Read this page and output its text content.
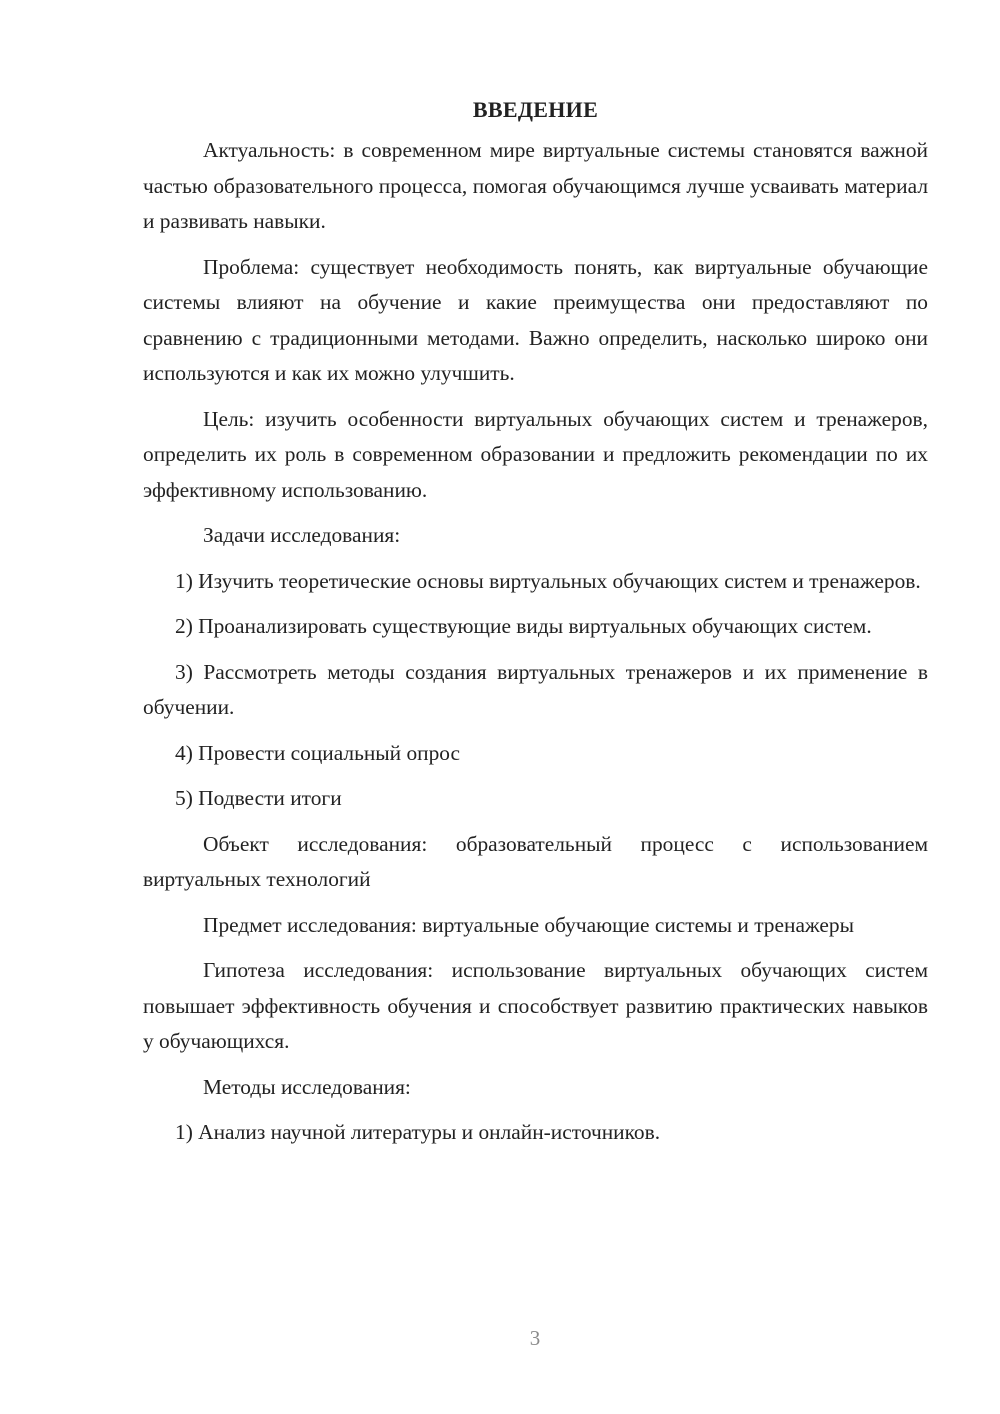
ВВЕДЕНИЕ

Актуальность: в современном мире виртуальные системы становятся важной частью образовательного процесса, помогая обучающимся лучше усваивать материал и развивать навыки.

Проблема: существует необходимость понять, как виртуальные обучающие системы влияют на обучение и какие преимущества они предоставляют по сравнению с традиционными методами. Важно определить, насколько широко они используются и как их можно улучшить.

Цель: изучить особенности виртуальных обучающих систем и тренажеров, определить их роль в современном образовании и предложить рекомендации по их эффективному использованию.

Задачи исследования:

1) Изучить теоретические основы виртуальных обучающих систем и тренажеров.

2) Проанализировать существующие виды виртуальных обучающих систем.

3) Рассмотреть методы создания виртуальных тренажеров и их применение в обучении.

4) Провести социальный опрос

5) Подвести итоги

Объект исследования: образовательный процесс с использованием виртуальных технологий

Предмет исследования: виртуальные обучающие системы и тренажеры

Гипотеза исследования: использование виртуальных обучающих систем повышает эффективность обучения и способствует развитию практических навыков у обучающихся.

Методы исследования:

1) Анализ научной литературы и онлайн-источников.

3
